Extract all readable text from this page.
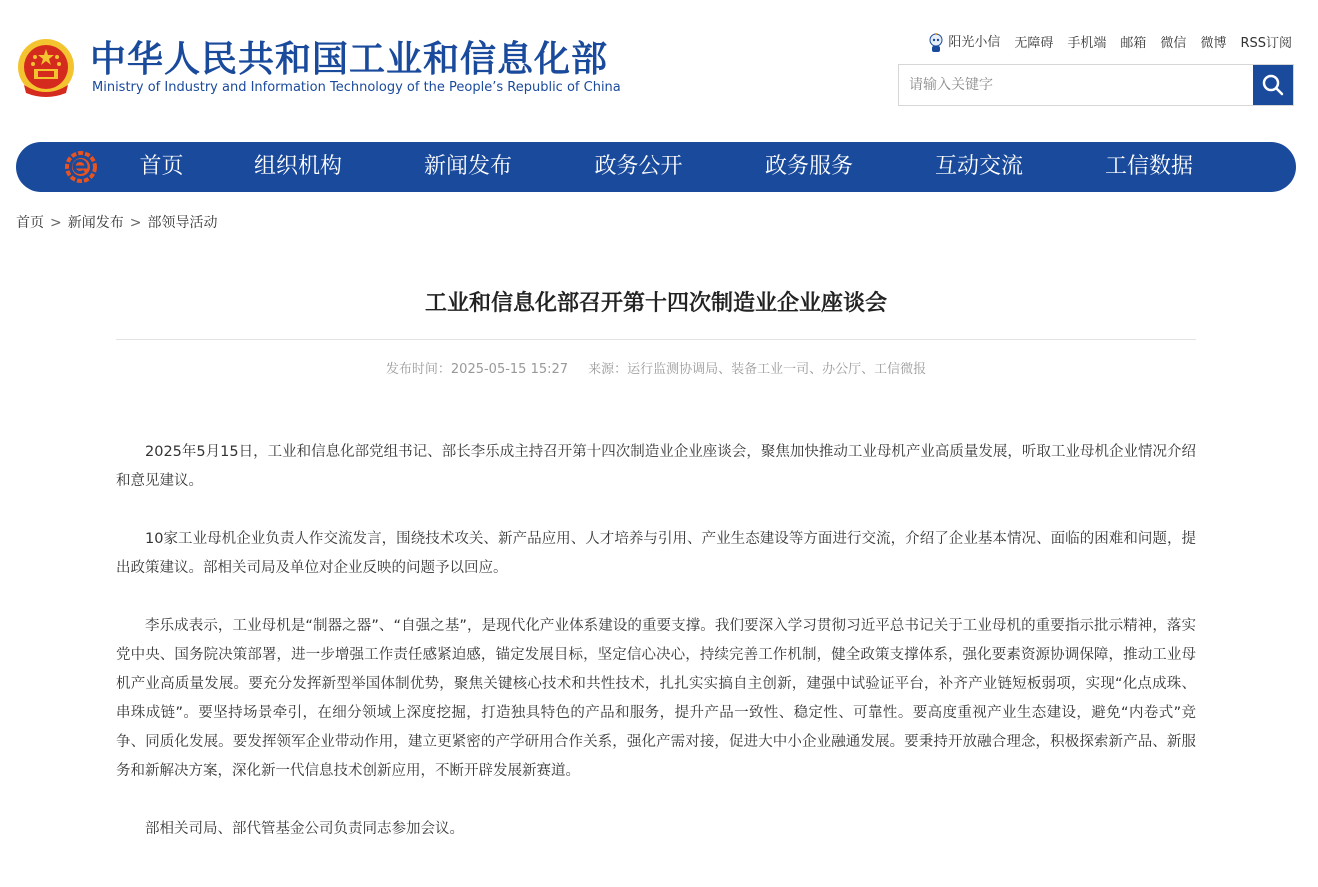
中华人民共和国工业和信息化部
Ministry of Industry and Information Technology of the People’s Republic of China
阳光小信 无障碍 手机端 邮箱 微信 微博 RSS订阅
请输入关键字
首页	组织机构	新闻发布	政务公开	政务服务	互动交流	工信数据
首页 > 新闻发布 > 部领导活动
工业和信息化部召开第十四次制造业企业座谈会
发布时间：2025-05-15 15:27 来源：运行监测协调局、装备工业一司、办公厅、工信微报

2025年5月15日，工业和信息化部党组书记、部长李乐成主持召开第十四次制造业企业座谈会，聚焦加快推动工业母机产业高质量发展，听取工业母机企业情况介绍和意见建议。

10家工业母机企业负责人作交流发言，围绕技术攻关、新产品应用、人才培养与引用、产业生态建设等方面进行交流，介绍了企业基本情况、面临的困难和问题，提出政策建议。部相关司局及单位对企业反映的问题予以回应。

李乐成表示，工业母机是“制器之器”、“自强之基”，是现代化产业体系建设的重要支撑。我们要深入学习贯彻习近平总书记关于工业母机的重要指示批示精神，落实党中央、国务院决策部署，进一步增强工作责任感紧迫感，锚定发展目标，坚定信心决心，持续完善工作机制，健全政策支撑体系，强化要素资源协调保障，推动工业母机产业高质量发展。要充分发挥新型举国体制优势，聚焦关键核心技术和共性技术，扎扎实实搞自主创新，建强中试验证平台，补齐产业链短板弱项，实现“化点成珠、串珠成链”。要坚持场景牵引，在细分领域上深度挖掘，打造独具特色的产品和服务，提升产品一致性、稳定性、可靠性。要高度重视产业生态建设，避免“内卷式”竞争、同质化发展。要发挥领军企业带动作用，建立更紧密的产学研用合作关系，强化产需对接，促进大中小企业融通发展。要秉持开放融合理念，积极探索新产品、新服务和新解决方案，深化新一代信息技术创新应用，不断开辟发展新赛道。

部相关司局、部代管基金公司负责同志参加会议。
